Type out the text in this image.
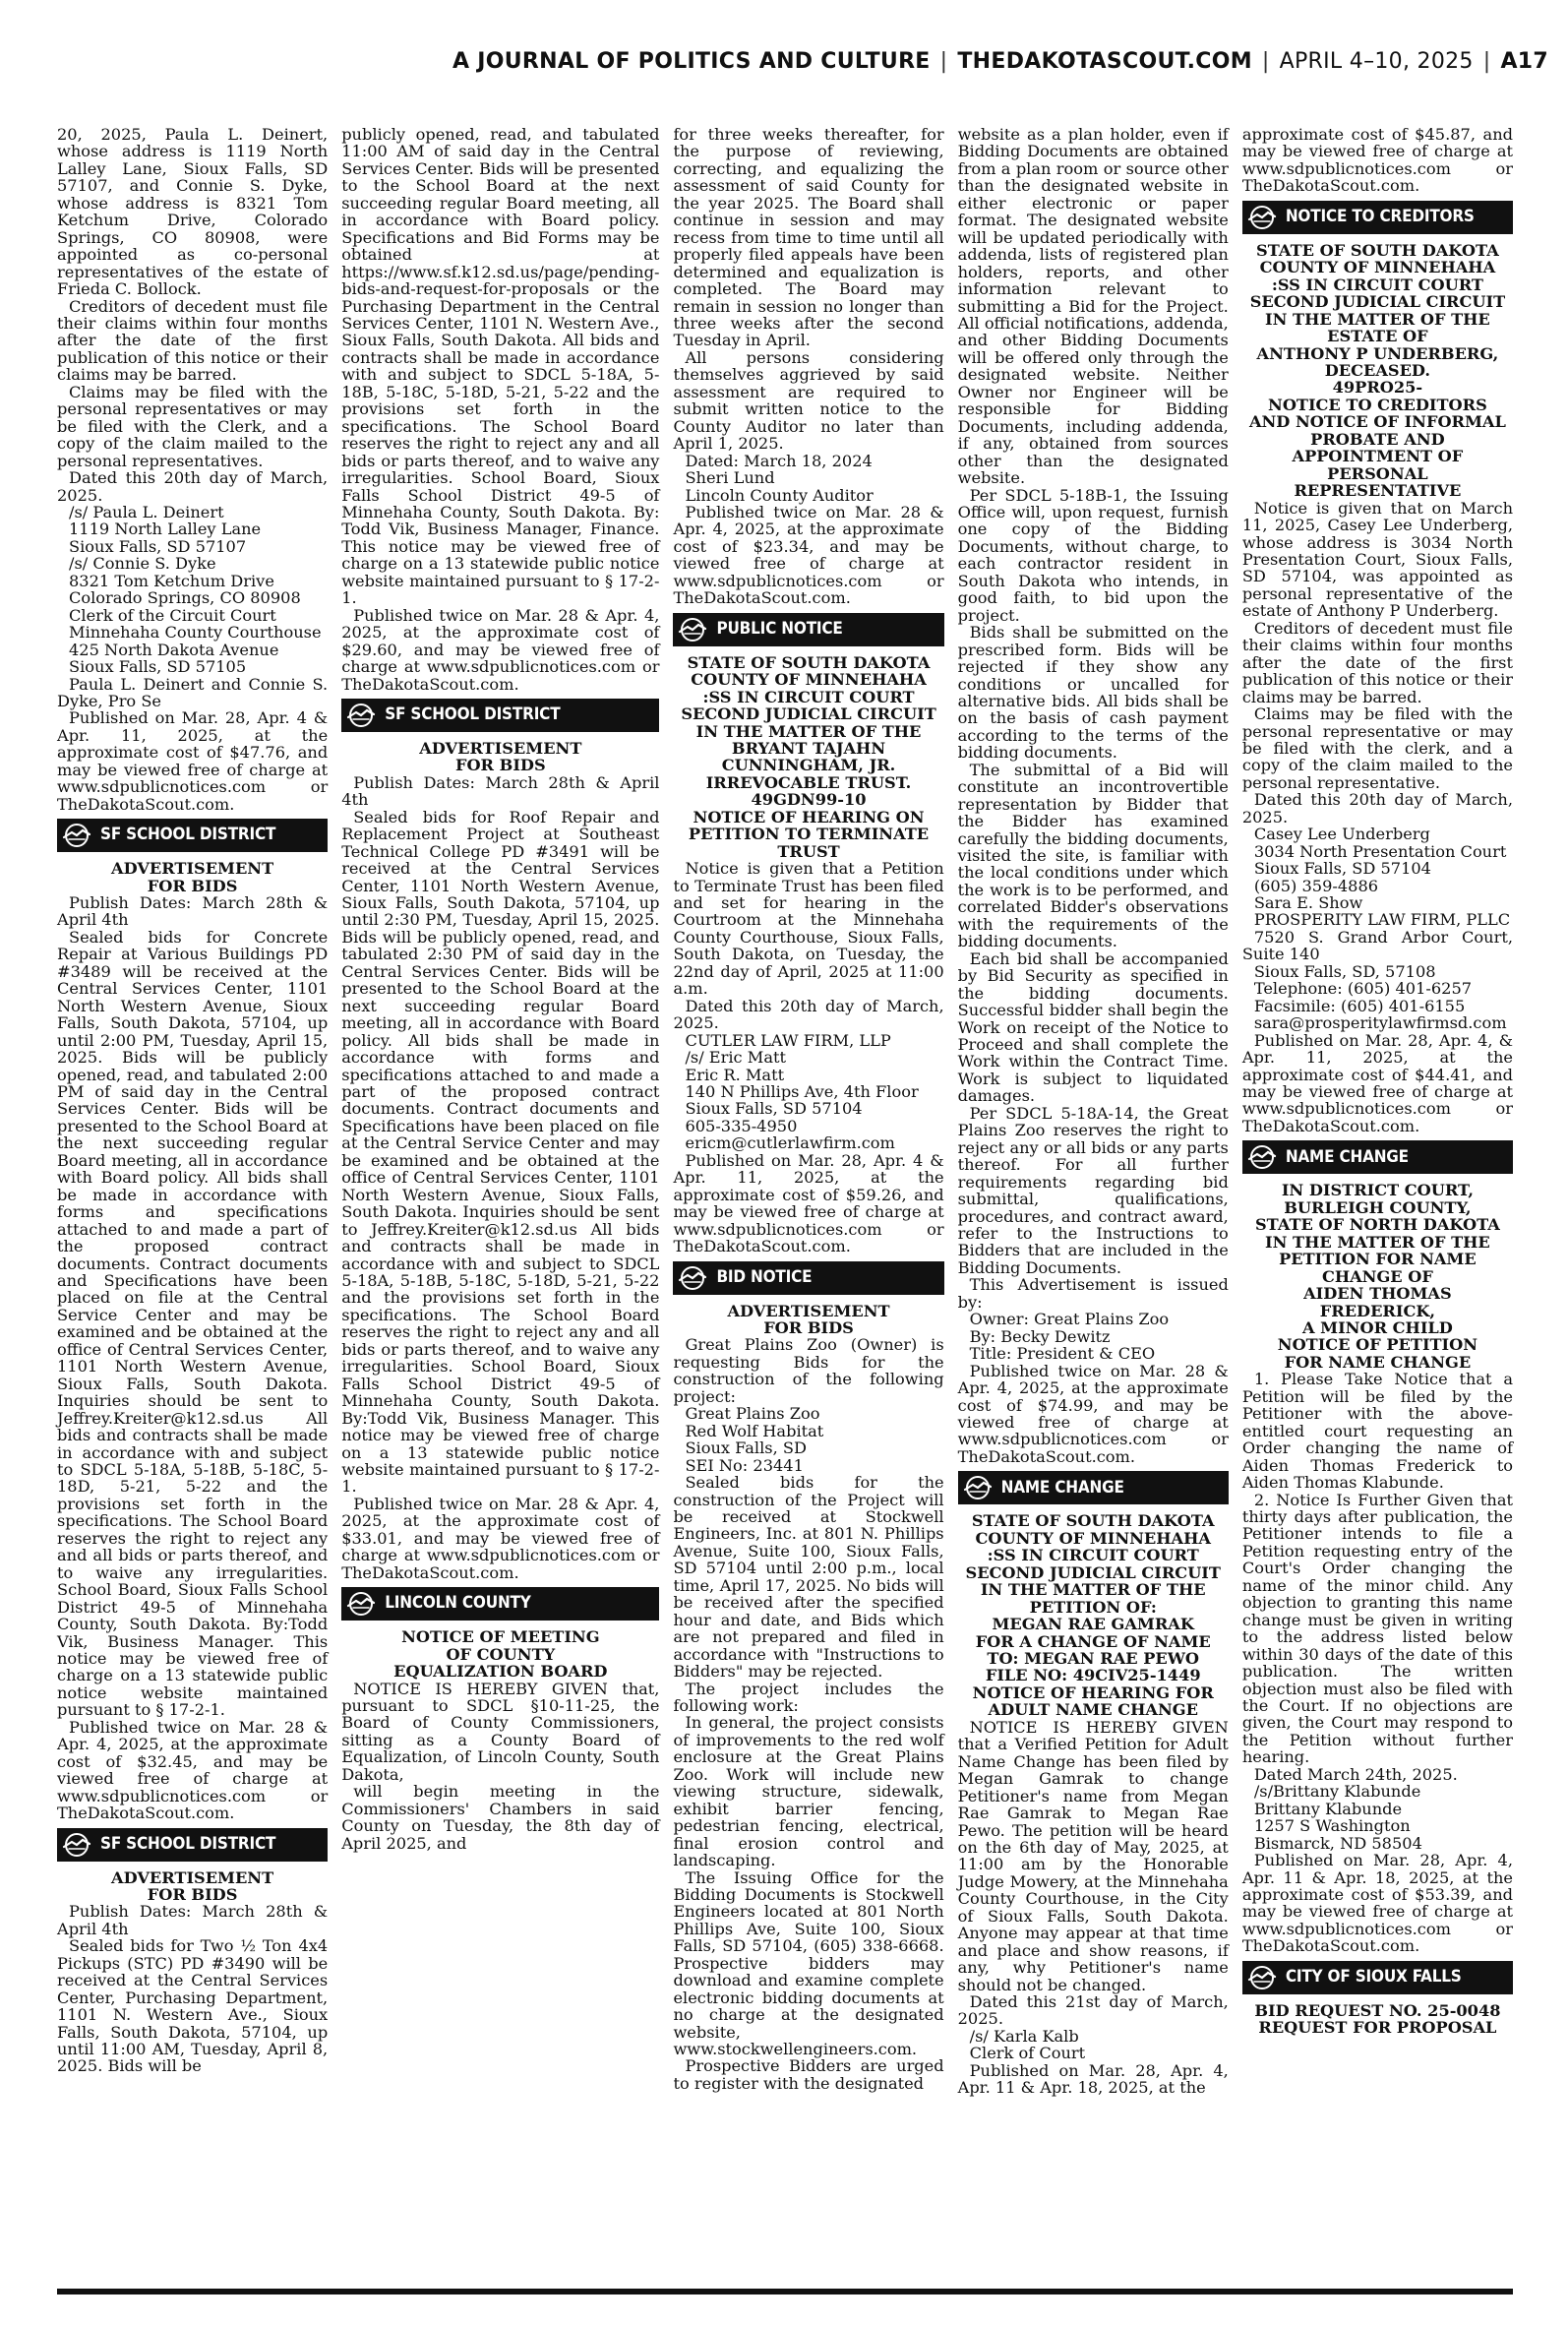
A JOURNAL OF POLITICS AND CULTURE | THEDAKOTASCOUT.COM | APRIL 4–10, 2025 | A17

20, 2025, Paula L. Deinert, whose address is 1119 North Lalley Lane, Sioux Falls, SD 57107, and Connie S. Dyke, whose address is 8321 Tom Ketchum Drive, Colorado Springs, CO 80908, were appointed as co-personal representatives of the estate of Frieda C. Bollock.

Creditors of decedent must file their claims within four months after the date of the first publication of this notice or their claims may be barred.

Claims may be filed with the personal representatives or may be filed with the Clerk, and a copy of the claim mailed to the personal representatives.

Dated this 20th day of March, 2025.

/s/ Paula L. Deinert
1119 North Lalley Lane
Sioux Falls, SD 57107
/s/ Connie S. Dyke
8321 Tom Ketchum Drive
Colorado Springs, CO 80908
Clerk of the Circuit Court

Minnehaha County Courthouse

425 North Dakota Avenue
Sioux Falls, SD 57105

Paula L. Deinert and Connie S. Dyke, Pro Se

Published on Mar. 28, Apr. 4 & Apr. 11, 2025, at the approximate cost of $47.76, and may be viewed free of charge at www.sdpublicnotices.com or TheDakotaScout.com.

SF SCHOOL DISTRICT
ADVERTISEMENT
FOR BIDS

Publish Dates: March 28th & April 4th

Sealed bids for Concrete Repair at Various Buildings PD #3489 will be received at the Central Services Center, 1101 North Western Avenue, Sioux Falls, South Dakota, 57104, up until 2:00 PM, Tuesday, April 15, 2025. Bids will be publicly opened, read, and tabulated 2:00 PM of said day in the Central Services Center. Bids will be presented to the School Board at the next succeeding regular Board meeting, all in accordance with Board policy. All bids shall be made in accordance with forms and specifications attached to and made a part of the proposed contract documents. Contract documents and Specifications have been placed on file at the Central Service Center and may be examined and be obtained at the office of Central Services Center, 1101 North Western Avenue, Sioux Falls, South Dakota. Inquiries should be sent to Jeffrey.Kreiter@k12.sd.us All bids and contracts shall be made in accordance with and subject to SDCL 5-18A, 5-18B, 5-18C, 5-18D, 5-21, 5-22 and the provisions set forth in the specifications. The School Board reserves the right to reject any and all bids or parts thereof, and to waive any irregularities. School Board, Sioux Falls School District 49-5 of Minnehaha County, South Dakota. By:Todd Vik, Business Manager. This notice may be viewed free of charge on a 13 statewide public notice website maintained pursuant to § 17-2-1.

Published twice on Mar. 28 & Apr. 4, 2025, at the approximate cost of $32.45, and may be viewed free of charge at www.sdpublicnotices.com or TheDakotaScout.com.

SF SCHOOL DISTRICT
ADVERTISEMENT
FOR BIDS

Publish Dates: March 28th & April 4th

Sealed bids for Two ½ Ton 4x4 Pickups (STC) PD #3490 will be received at the Central Services Center, Purchasing Department, 1101 N. Western Ave., Sioux Falls, South Dakota, 57104, up until 11:00 AM, Tuesday, April 8, 2025. Bids will be

publicly opened, read, and tabulated 11:00 AM of said day in the Central Services Center. Bids will be presented to the School Board at the next succeeding regular Board meeting, all in accordance with Board policy. Specifications and Bid Forms may be obtained at https://www.sf.k12.sd.us/page/pending-bids-and-request-for-proposals or the Purchasing Department in the Central Services Center, 1101 N. Western Ave., Sioux Falls, South Dakota. All bids and contracts shall be made in accordance with and subject to SDCL 5-18A, 5-18B, 5-18C, 5-18D, 5-21, 5-22 and the provisions set forth in the specifications. The School Board reserves the right to reject any and all bids or parts thereof, and to waive any irregularities. School Board, Sioux Falls School District 49-5 of Minnehaha County, South Dakota. By: Todd Vik, Business Manager, Finance. This notice may be viewed free of charge on a 13 statewide public notice website maintained pursuant to § 17-2-1.

Published twice on Mar. 28 & Apr. 4, 2025, at the approximate cost of $29.60, and may be viewed free of charge at www.sdpublicnotices.com or TheDakotaScout.com.

SF SCHOOL DISTRICT
ADVERTISEMENT
FOR BIDS

Publish Dates: March 28th & April 4th

Sealed bids for Roof Repair and Replacement Project at Southeast Technical College PD #3491 will be received at the Central Services Center, 1101 North Western Avenue, Sioux Falls, South Dakota, 57104, up until 2:30 PM, Tuesday, April 15, 2025. Bids will be publicly opened, read, and tabulated 2:30 PM of said day in the Central Services Center. Bids will be presented to the School Board at the next succeeding regular Board meeting, all in accordance with Board policy. All bids shall be made in accordance with forms and specifications attached to and made a part of the proposed contract documents. Contract documents and Specifications have been placed on file at the Central Service Center and may be examined and be obtained at the office of Central Services Center, 1101 North Western Avenue, Sioux Falls, South Dakota. Inquiries should be sent to Jeffrey.Kreiter@k12.sd.us All bids and contracts shall be made in accordance with and subject to SDCL 5-18A, 5-18B, 5-18C, 5-18D, 5-21, 5-22 and the provisions set forth in the specifications. The School Board reserves the right to reject any and all bids or parts thereof, and to waive any irregularities. School Board, Sioux Falls School District 49-5 of Minnehaha County, South Dakota. By:Todd Vik, Business Manager. This notice may be viewed free of charge on a 13 statewide public notice website maintained pursuant to § 17-2-1.

Published twice on Mar. 28 & Apr. 4, 2025, at the approximate cost of $33.01, and may be viewed free of charge at www.sdpublicnotices.com or TheDakotaScout.com.

LINCOLN COUNTY
NOTICE OF MEETING
OF COUNTY
EQUALIZATION BOARD

NOTICE IS HEREBY GIVEN that, pursuant to SDCL §10-11-25, the Board of County Commissioners, sitting as a County Board of Equalization, of Lincoln County, South Dakota,

will begin meeting in the Commissioners' Chambers in said County on Tuesday, the 8th day of April 2025, and

for three weeks thereafter, for the purpose of reviewing, correcting, and equalizing the assessment of said County for the year 2025. The Board shall continue in session and may recess from time to time until all properly filed appeals have been determined and equalization is completed. The Board may remain in session no longer than three weeks after the second Tuesday in April.

All persons considering themselves aggrieved by said assessment are required to submit written notice to the County Auditor no later than April 1, 2025.

Dated: March 18, 2024
Sheri Lund
Lincoln County Auditor

Published twice on Mar. 28 & Apr. 4, 2025, at the approximate cost of $23.34, and may be viewed free of charge at www.sdpublicnotices.com or TheDakotaScout.com.

PUBLIC NOTICE
STATE OF SOUTH DAKOTA
COUNTY OF MINNEHAHA
:SS IN CIRCUIT COURT
SECOND JUDICIAL CIRCUIT
IN THE MATTER OF THE
BRYANT TAJAHN
CUNNINGHAM, JR.
IRREVOCABLE TRUST.
49GDN99-10
NOTICE OF HEARING ON
PETITION TO TERMINATE
TRUST

Notice is given that a Petition to Terminate Trust has been filed and set for hearing in the Courtroom at the Minnehaha County Courthouse, Sioux Falls, South Dakota, on Tuesday, the 22nd day of April, 2025 at 11:00 a.m.

Dated this 20th day of March, 2025.

CUTLER LAW FIRM, LLP
/s/ Eric Matt
Eric R. Matt
140 N Phillips Ave, 4th Floor
Sioux Falls, SD 57104
605-335-4950
ericm@cutlerlawfirm.com

Published on Mar. 28, Apr. 4 & Apr. 11, 2025, at the approximate cost of $59.26, and may be viewed free of charge at www.sdpublicnotices.com or TheDakotaScout.com.

BID NOTICE
ADVERTISEMENT
FOR BIDS

Great Plains Zoo (Owner) is requesting Bids for the construction of the following project:

Great Plains Zoo
Red Wolf Habitat
Sioux Falls, SD
SEI No: 23441

Sealed bids for the construction of the Project will be received at Stockwell Engineers, Inc. at 801 N. Phillips Avenue, Suite 100, Sioux Falls, SD 57104 until 2:00 p.m., local time, April 17, 2025. No bids will be received after the specified hour and date, and Bids which are not prepared and filed in accordance with "Instructions to Bidders" may be rejected.

The project includes the following work:

In general, the project consists of improvements to the red wolf enclosure at the Great Plains Zoo. Work will include new viewing structure, sidewalk, exhibit barrier fencing, pedestrian fencing, electrical, final erosion control and landscaping.

The Issuing Office for the Bidding Documents is Stockwell Engineers located at 801 North Phillips Ave, Suite 100, Sioux Falls, SD 57104, (605) 338-6668. Prospective bidders may download and examine complete electronic bidding documents at no charge at the designated website, www.stockwellengineers.com.

Prospective Bidders are urged to register with the designated

website as a plan holder, even if Bidding Documents are obtained from a plan room or source other than the designated website in either electronic or paper format. The designated website will be updated periodically with addenda, lists of registered plan holders, reports, and other information relevant to submitting a Bid for the Project. All official notifications, addenda, and other Bidding Documents will be offered only through the designated website. Neither Owner nor Engineer will be responsible for Bidding Documents, including addenda, if any, obtained from sources other than the designated website.

Per SDCL 5-18B-1, the Issuing Office will, upon request, furnish one copy of the Bidding Documents, without charge, to each contractor resident in South Dakota who intends, in good faith, to bid upon the project.

Bids shall be submitted on the prescribed form. Bids will be rejected if they show any conditions or uncalled for alternative bids. All bids shall be on the basis of cash payment according to the terms of the bidding documents.

The submittal of a Bid will constitute an incontrovertible representation by Bidder that the Bidder has examined carefully the bidding documents, visited the site, is familiar with the local conditions under which the work is to be performed, and correlated Bidder's observations with the requirements of the bidding documents.

Each bid shall be accompanied by Bid Security as specified in the bidding documents. Successful bidder shall begin the Work on receipt of the Notice to Proceed and shall complete the Work within the Contract Time. Work is subject to liquidated damages.

Per SDCL 5-18A-14, the Great Plains Zoo reserves the right to reject any or all bids or any parts thereof. For all further requirements regarding bid submittal, qualifications, procedures, and contract award, refer to the Instructions to Bidders that are included in the Bidding Documents.

This Advertisement is issued by:

Owner: Great Plains Zoo
By: Becky Dewitz
Title: President & CEO

Published twice on Mar. 28 & Apr. 4, 2025, at the approximate cost of $74.99, and may be viewed free of charge at www.sdpublicnotices.com or TheDakotaScout.com.

NAME CHANGE
STATE OF SOUTH DAKOTA
COUNTY OF MINNEHAHA
:SS IN CIRCUIT COURT
SECOND JUDICIAL CIRCUIT
IN THE MATTER OF THE
PETITION OF:
MEGAN RAE GAMRAK
FOR A CHANGE OF NAME
TO: MEGAN RAE PEWO
FILE NO: 49CIV25-1449
NOTICE OF HEARING FOR
ADULT NAME CHANGE

NOTICE IS HEREBY GIVEN that a Verified Petition for Adult Name Change has been filed by Megan Gamrak to change Petitioner's name from Megan Rae Gamrak to Megan Rae Pewo. The petition will be heard on the 6th day of May, 2025, at 11:00 am by the Honorable Judge Mowery, at the Minnehaha County Courthouse, in the City of Sioux Falls, South Dakota. Anyone may appear at that time and place and show reasons, if any, why Petitioner's name should not be changed.

Dated this 21st day of March, 2025.

/s/ Karla Kalb
Clerk of Court

Published on Mar. 28, Apr. 4, Apr. 11 & Apr. 18, 2025, at the

approximate cost of $45.87, and may be viewed free of charge at www.sdpublicnotices.com or TheDakotaScout.com.

NOTICE TO CREDITORS
STATE OF SOUTH DAKOTA
COUNTY OF MINNEHAHA
:SS IN CIRCUIT COURT
SECOND JUDICIAL CIRCUIT
IN THE MATTER OF THE
ESTATE OF
ANTHONY P UNDERBERG,
DECEASED.
49PRO25-
NOTICE TO CREDITORS
AND NOTICE OF INFORMAL
PROBATE AND
APPOINTMENT OF
PERSONAL
REPRESENTATIVE

Notice is given that on March 11, 2025, Casey Lee Underberg, whose address is 3034 North Presentation Court, Sioux Falls, SD 57104, was appointed as personal representative of the estate of Anthony P Underberg.

Creditors of decedent must file their claims within four months after the date of the first publication of this notice or their claims may be barred.

Claims may be filed with the personal representative or may be filed with the clerk, and a copy of the claim mailed to the personal representative.

Dated this 20th day of March, 2025.

Casey Lee Underberg

3034 North Presentation Court

Sioux Falls, SD 57104
(605) 359-4886
Sara E. Show

PROSPERITY LAW FIRM, PLLC

7520 S. Grand Arbor Court, Suite 140

Sioux Falls, SD, 57108
Telephone: (605) 401-6257
Facsimile: (605) 401-6155

sara@prosperitylawfirmsd.com

Published on Mar. 28, Apr. 4, & Apr. 11, 2025, at the approximate cost of $44.41, and may be viewed free of charge at www.sdpublicnotices.com or TheDakotaScout.com.

NAME CHANGE
IN DISTRICT COURT,
BURLEIGH COUNTY,
STATE OF NORTH DAKOTA
IN THE MATTER OF THE
PETITION FOR NAME
CHANGE OF
AIDEN THOMAS
FREDERICK,
A MINOR CHILD
NOTICE OF PETITION
FOR NAME CHANGE

1. Please Take Notice that a Petition will be filed by the Petitioner with the above-entitled court requesting an Order changing the name of Aiden Thomas Frederick to Aiden Thomas Klabunde.

2. Notice Is Further Given that thirty days after publication, the Petitioner intends to file a Petition requesting entry of the Court's Order changing the name of the minor child. Any objection to granting this name change must be given in writing to the address listed below within 30 days of the date of this publication. The written objection must also be filed with the Court. If no objections are given, the Court may respond to the Petition without further hearing.

Dated March 24th, 2025.
/s/Brittany Klabunde
Brittany Klabunde
1257 S Washington
Bismarck, ND 58504

Published on Mar. 28, Apr. 4, Apr. 11 & Apr. 18, 2025, at the approximate cost of $53.39, and may be viewed free of charge at www.sdpublicnotices.com or TheDakotaScout.com.

CITY OF SIOUX FALLS
BID REQUEST NO. 25-0048
REQUEST FOR PROPOSAL
